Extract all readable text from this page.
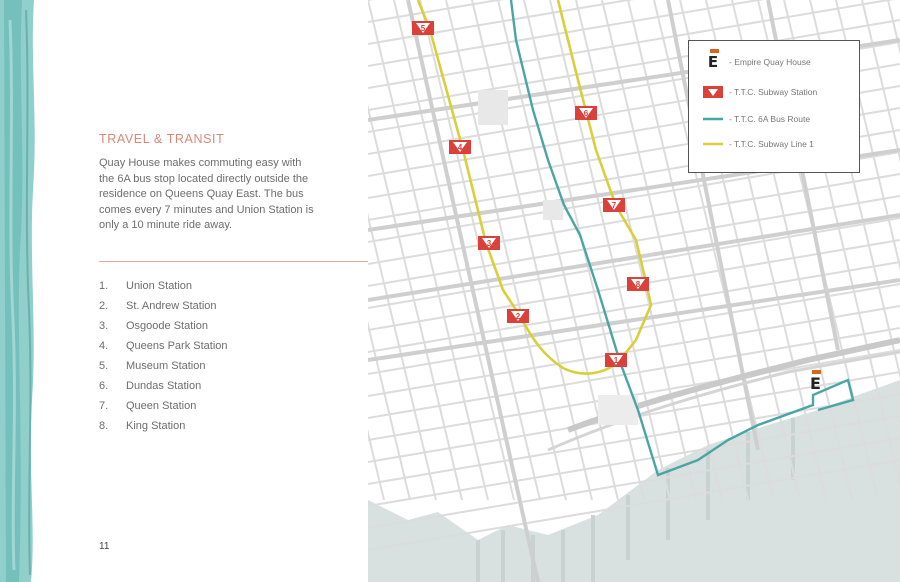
TRAVEL & TRANSIT
Quay House makes commuting easy with the 6A bus stop located directly outside the residence on Queens Quay East. The bus comes every 7 minutes and Union Station is only a 10 minute ride away.
1.	Union Station
2.	St. Andrew Station
3.	Osgoode Station
4.	Queens Park Station
5.	Museum Station
6.	Dundas Station
7.	Queen Station
8.	King Station
11
5
6
4
7
3
8
2
1
E
E - Empire Quay House
- T.T.C. Subway Station
- T.T.C. 6A Bus Route
- T.T.C. Subway Line 1
